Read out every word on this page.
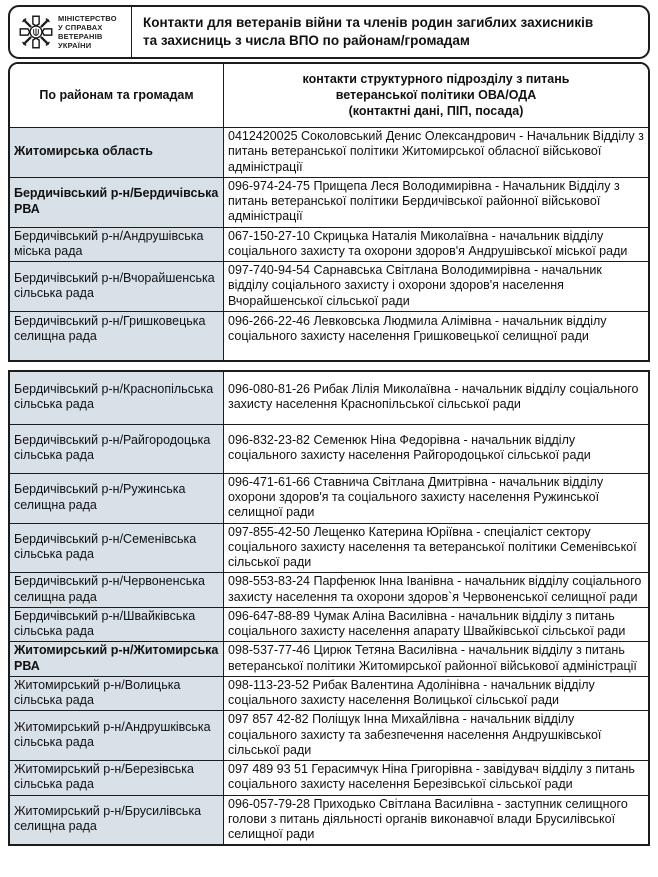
МІНІСТЕРСТВО
У СПРАВАХ
ВЕТЕРАНІВ
УКРАЇНИ
Контакти для ветеранів війни та членів родин загиблих захисників
та захисниць з числа ВПО по районам/громадам
По районам та громадам	контакти структурного підрозділу з питань
ветеранської політики ОВА/ОДА
(контактні дані, ПІП, посада)

Житомирська область	0412420025 Соколовський Денис Олександрович - Начальник Відділу з питань ветеранської політики Житомирської обласної військової адміністрації
Бердичівський р-н/Бердичівська РВА	096-974-24-75 Прищепа Леся Володимирівна - Начальник Відділу з питань ветеранської політики Бердичівської районної військової адміністрації
Бердичівський р-н/Андрушівська міська рада	067-150-27-10 Скрицька Наталія Миколаївна - начальник відділу соціального захисту та охорони здоров'я Андрушівської міської ради
Бердичівський р-н/Вчорайшенська сільська рада	097-740-94-54 Сарнавська Світлана Володимирівна - начальник відділу соціального захисту і охорони здоров'я населення Вчорайшенської сільської ради
Бердичівський р-н/Гришковецька селищна рада	096-266-22-46 Левковська Людмила Алімівна - начальник відділу соціального захисту населення Гришковецької селищної ради
Бердичівський р-н/Краснопільська сільська рада	096-080-81-26 Рибак Лілія Миколаївна - начальник відділу соціального захисту населення Краснопільської сільської ради
Бердичівський р-н/Райгородоцька сільська рада	096-832-23-82 Семенюк Ніна Федорівна - начальник відділу соціального захисту населення Райгородоцької сільської ради
Бердичівський р-н/Ружинська селищна рада	096-471-61-66 Ставнича Світлана Дмитрівна - начальник відділу охорони здоров'я та соціального захисту населення Ружинської селищної ради
Бердичівський р-н/Семенівська сільська рада	097-855-42-50 Лещенко Катерина Юріївна - спеціаліст сектору соціального захисту населення та ветеранської політики Семенівської сільської ради
Бердичівський р-н/Червоненська селищна рада	098-553-83-24 Парфенюк Інна Іванівна - начальник відділу соціального захисту населення та охорони здоров`я Червоненської селищної ради
Бердичівський р-н/Швайківська сільська рада	096-647-88-89 Чумак Аліна Василівна - начальник відділу з питань соціального захисту населення апарату Швайківської сільської ради
Житомирський р-н/Житомирська РВА	098-537-77-46 Цирюк Тетяна Василівна - начальник відділу з питань ветеранської політики Житомирської районної військової адміністрації
Житомирський р-н/Волицька сільська рада	098-113-23-52 Рибак Валентина Адолінівна - начальник відділу соціального захисту населення Волицької сільської ради
Житомирський р-н/Андрушківська сільська рада	097 857 42-82 Поліщук Інна Михайлівна - начальник відділу соціального захисту та забезпечення населення Андрушківської сільської ради
Житомирський р-н/Березівська сільська рада	097 489 93 51 Герасимчук Ніна Григорівна - завідувач відділу з питань соціального захисту населення Березівської сільської ради
Житомирський р-н/Брусилівська селищна рада	096-057-79-28 Приходько Світлана Василівна - заступник селищного голови з питань діяльності органів виконавчої влади Брусилівської селищної ради
